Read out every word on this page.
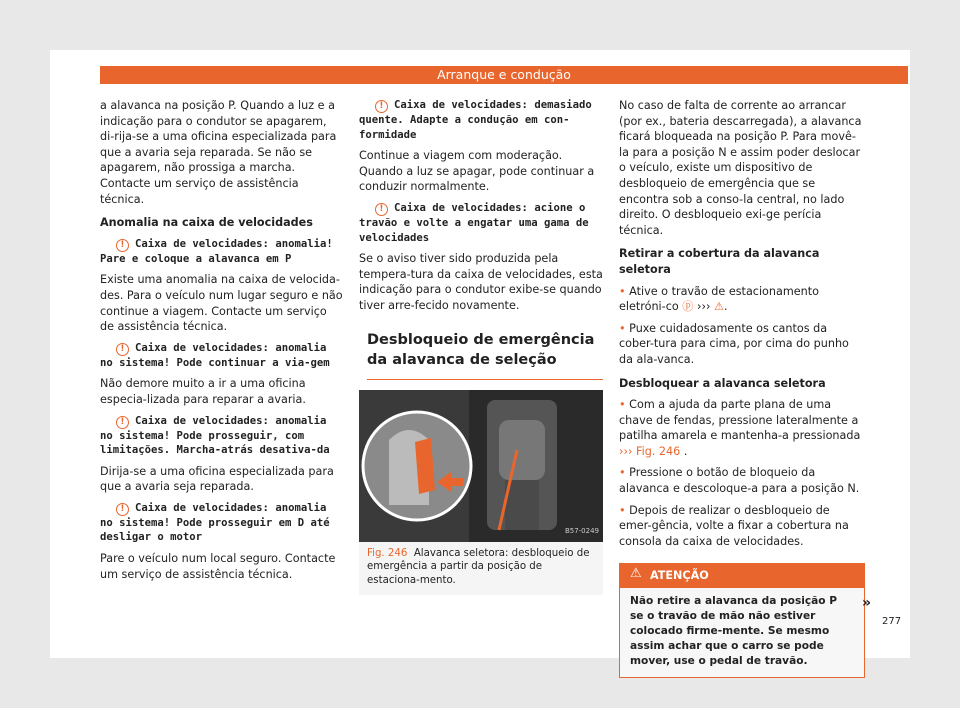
Arranque e condução

a alavanca na posição P. Quando a luz e a indicação para o condutor se apagarem, di-rija-se a uma oficina especializada para que a avaria seja reparada. Se não se apagarem, não prossiga a marcha. Contacte um serviço de assistência técnica.

Anomalia na caixa de velocidades

! Caixa de velocidades: anomalia! Pare e coloque a alavanca em P

Existe uma anomalia na caixa de velocida-des. Para o veículo num lugar seguro e não continue a viagem. Contacte um serviço de assistência técnica.

! Caixa de velocidades: anomalia no sistema! Pode continuar a via-gem

Não demore muito a ir a uma oficina especia-lizada para reparar a avaria.

! Caixa de velocidades: anomalia no sistema! Pode prosseguir, com limitações. Marcha-atrás desativa-da

Dirija-se a uma oficina especializada para que a avaria seja reparada.

! Caixa de velocidades: anomalia no sistema! Pode prosseguir em D até desligar o motor

Pare o veículo num local seguro. Contacte um serviço de assistência técnica.

! Caixa de velocidades: demasiado quente. Adapte a condução em con-formidade

Continue a viagem com moderação. Quando a luz se apagar, pode continuar a conduzir normalmente.

! Caixa de velocidades: acione o travão e volte a engatar uma gama de velocidades

Se o aviso tiver sido produzida pela tempera-tura da caixa de velocidades, esta indicação para o condutor exibe-se quando tiver arre-fecido novamente.

Desbloqueio de emergência da alavanca de seleção
B57-0249
Fig. 246 Alavanca seletora: desbloqueio de emergência a partir da posição de estaciona-mento.

No caso de falta de corrente ao arrancar (por ex., bateria descarregada), a alavanca ficará bloqueada na posição P. Para movê-la para a posição N e assim poder deslocar o veículo, existe um dispositivo de desbloqueio de emergência que se encontra sob a conso-la central, no lado direito. O desbloqueio exi-ge perícia técnica.

Retirar a cobertura da alavanca seletora

• Ative o travão de estacionamento eletróni-co ⓟ ››› ⚠.

• Puxe cuidadosamente os cantos da cober-tura para cima, por cima do punho da ala-vanca.

Desbloquear a alavanca seletora

• Com a ajuda da parte plana de uma chave de fendas, pressione lateralmente a patilha amarela e mantenha-a pressionada ››› Fig. 246 .

• Pressione o botão de bloqueio da alavanca e descoloque-a para a posição N.

• Depois de realizar o desbloqueio de emer-gência, volte a fixar a cobertura na consola da caixa de velocidades.

⚠ ATENÇÃO
Não retire a alavanca da posição P se o travão de mão não estiver colocado firme-mente. Se mesmo assim achar que o carro se pode mover, use o pedal de travão.
»
277
